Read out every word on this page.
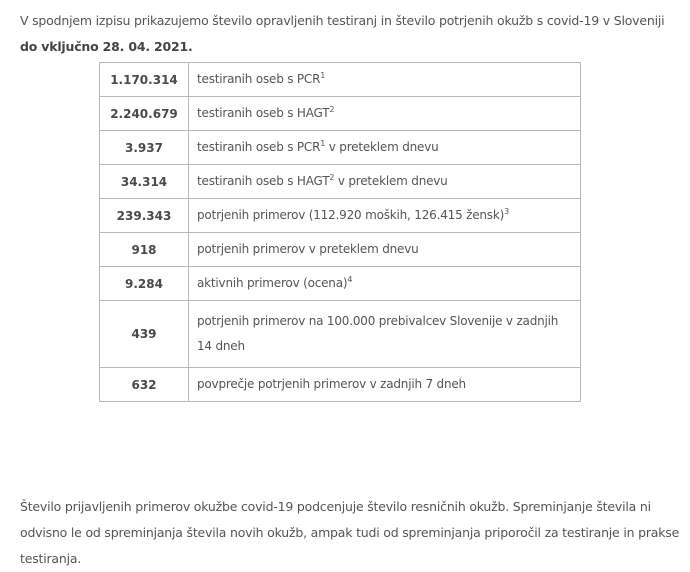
V spodnjem izpisu prikazujemo število opravljenih testiranj in število potrjenih okužb s covid-19 v Sloveniji do vključno 28. 04. 2021.

1.170.314	testiranih oseb s PCR$^1$
2.240.679	testiranih oseb s HAGT$^2$
3.937	testiranih oseb s PCR$^1$ v preteklem dnevu
34.314	testiranih oseb s HAGT$^2$ v preteklem dnevu
239.343	potrjenih primerov (112.920 moških, 126.415 žensk)$^3$
918	potrjenih primerov v preteklem dnevu
9.284	aktivnih primerov (ocena)$^4$
439	potrjenih primerov na 100.000 prebivalcev Slovenije v zadnjih 14 dneh
632	povprečje potrjenih primerov v zadnjih 7 dneh

Število prijavljenih primerov okužbe covid-19 podcenjuje število resničnih okužb. Spreminjanje števila ni odvisno le od spreminjanja števila novih okužb, ampak tudi od spreminjanja priporočil za testiranje in prakse testiranja.
